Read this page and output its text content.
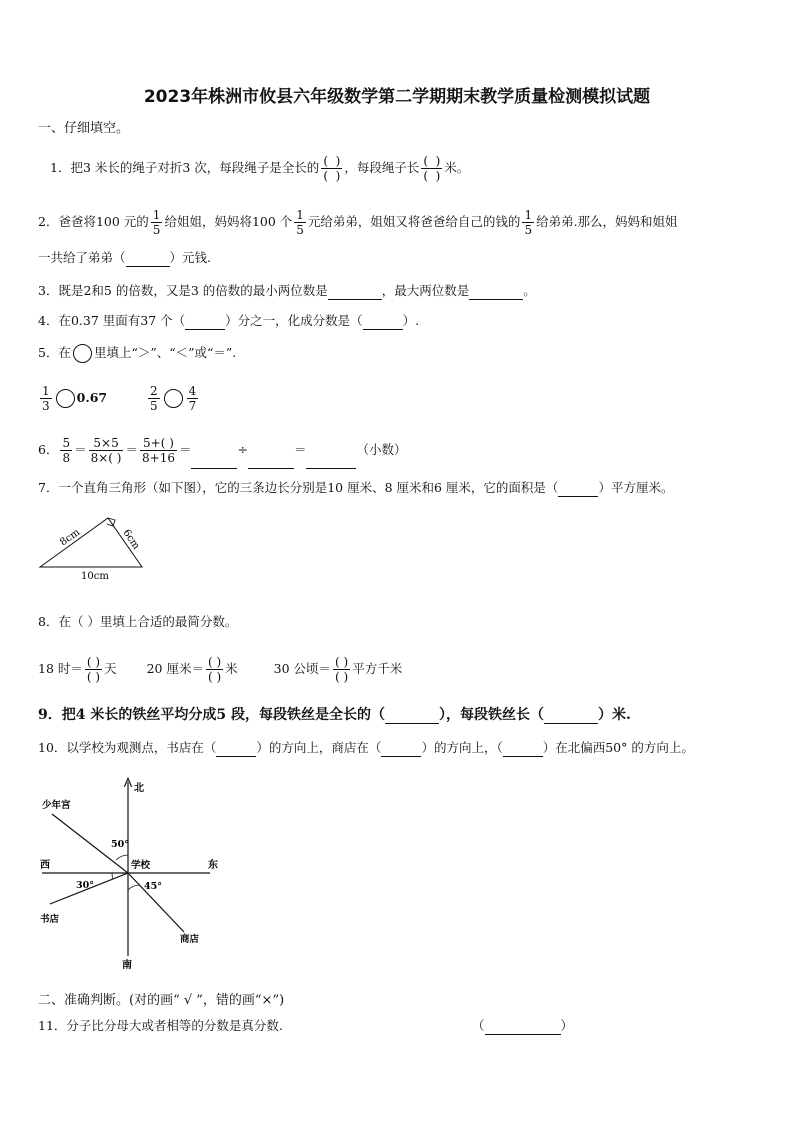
2023年株洲市攸县六年级数学第二学期期末教学质量检测模拟试题
一、仔细填空。
1．把3 米长的绳子对折3 次，每段绳子是全长的 $\frac{( )}{( )}$ ，每段绳子长 $\frac{( )}{( )}$ 米。
2．爸爸将100 元的 $\frac{1}{5}$ 给姐姐，妈妈将100 个 $\frac{1}{5}$ 元给弟弟，姐姐又将爸爸给自己的钱的 $\frac{1}{5}$ 给弟弟.那么，妈妈和姐姐
一共给了弟弟（	）元钱.
3．既是2和5 的倍数，又是3 的倍数的最小两位数是	，最大两位数是	。
4．在0.37 里面有37 个（	）分之一，化成分数是（	）.
5．在 里填上“＞”、“＜”或“＝”.
$\frac{1}{3} 0.67$	$\frac{2}{5} \frac{4}{7}$
6． $\frac{5}{8} = \frac{5\times 5}{8\times( )} = \frac{5+( )}{8+16}$ ＝	÷	＝	（小数）
7．一个直角三角形（如下图），它的三条边长分别是10 厘米、8 厘米和6 厘米，它的面积是（	）平方厘米。
8cm	6cm
10cm
8．在（ ）里填上合适的最简分数。
18 时＝ $\frac{( )}{( )}$ 天 20 厘米＝ $\frac{( )}{( )}$ 米	30 公顷＝ $\frac{( )}{( )}$ 平方千米
9．把4 米长的铁丝平均分成5 段，每段铁丝是全长的（	），每段铁丝长（	）米.
10．以学校为观测点，书店在（	）的方向上，商店在（	）的方向上，（	）在北偏西50° 的方向上。
北
南
东
西	学校
少年宫
书店
商店
50°
30°	45°
二、准确判断。(对的画“ √ ”，错的画“×”)
11．分子比分母大或者相等的分数是真分数.	（	）
